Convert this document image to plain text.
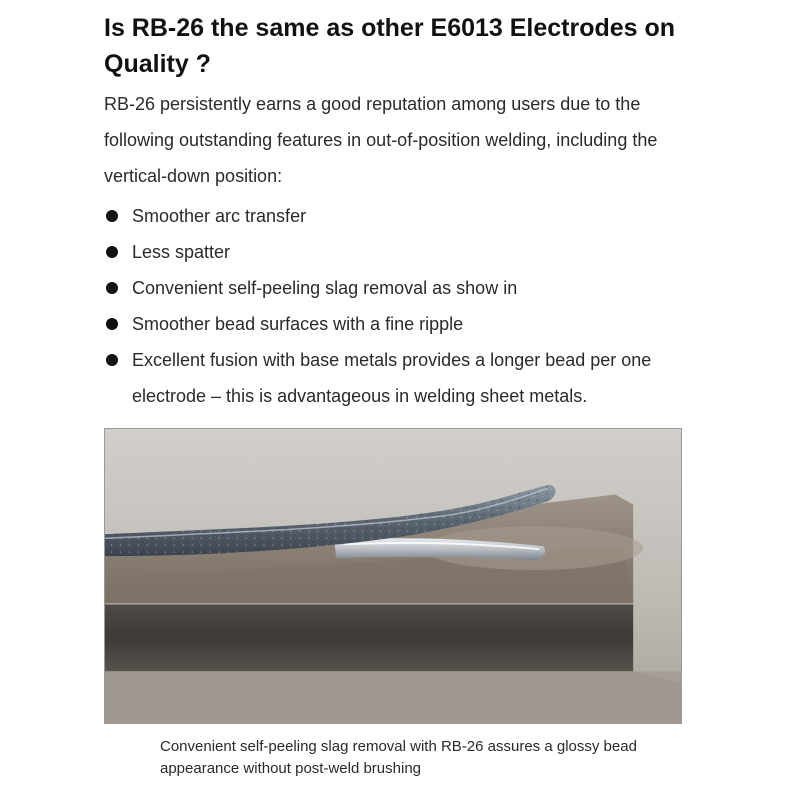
Is RB-26 the same as other E6013 Electrodes on Quality ?

RB-26 persistently earns a good reputation among users due to the following outstanding features in out-of-position welding, including the vertical-down position:

Smoother arc transfer
Less spatter
Convenient self-peeling slag removal as show in
Smoother bead surfaces with a fine ripple
Excellent fusion with base metals provides a longer bead per one electrode – this is advantageous in welding sheet metals.

Convenient self-peeling slag removal with RB-26 assures a glossy bead appearance without post-weld brushing
